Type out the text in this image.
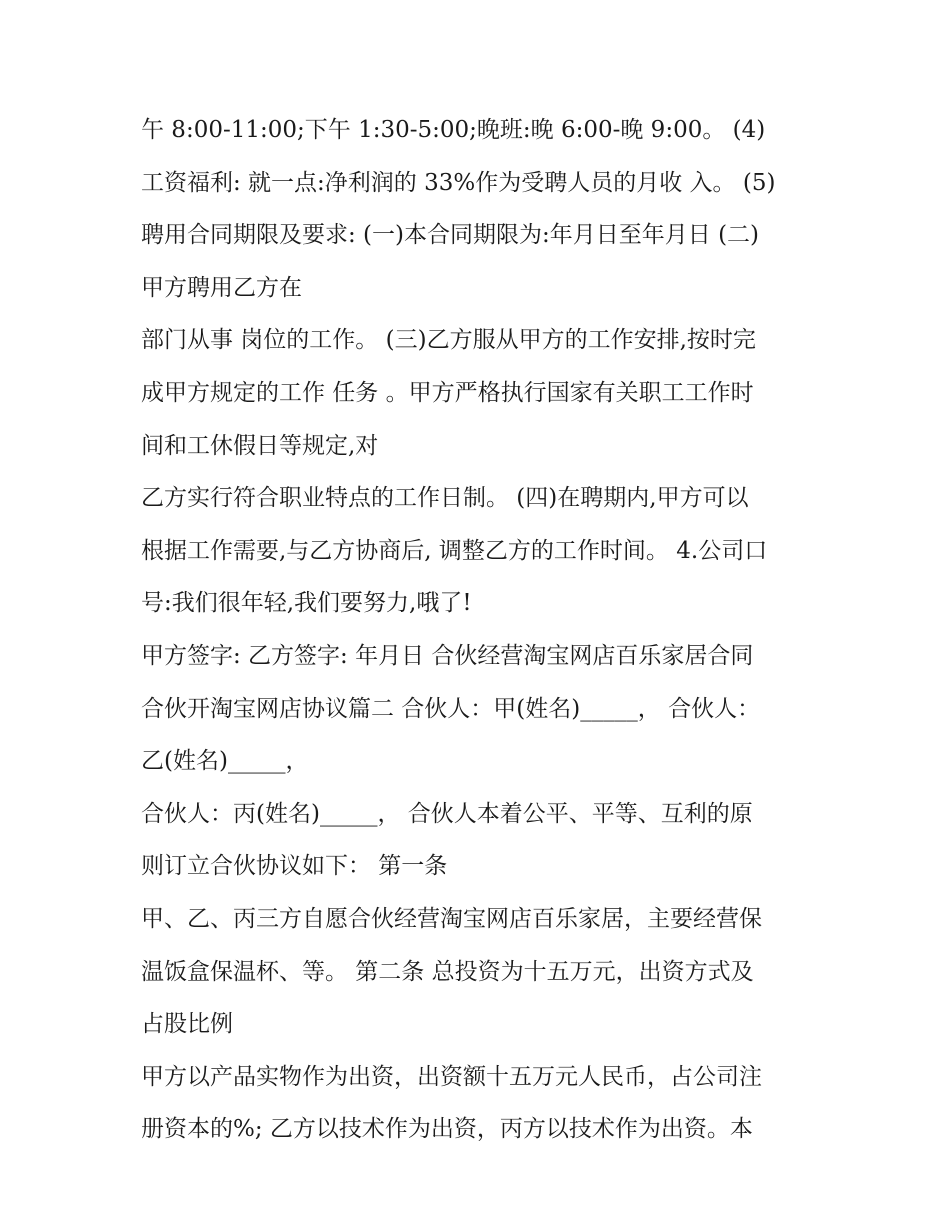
午 8:00-11:00;下午 1:30-5:00;晚班:晚 6:00-晚 9:00。 (4)
工资福利: 就一点:净利润的 33%作为受聘人员的月收 入。 (5)
聘用合同期限及要求: (一)本合同期限为:年月日至年月日 (二)
甲方聘用乙方在
部门从事 岗位的工作。 (三)乙方服从甲方的工作安排,按时完
成甲方规定的工作 任务 。甲方严格执行国家有关职工工作时
间和工休假日等规定,对
乙方实行符合职业特点的工作日制。 (四)在聘期内,甲方可以
根据工作需要,与乙方协商后, 调整乙方的工作时间。 4.公司口
号:我们很年轻,我们要努力,哦了!
甲方签字: 乙方签字: 年月日 合伙经营淘宝网店百乐家居合同
合伙开淘宝网店协议篇二 合伙人：甲(姓名)_____， 合伙人：
乙(姓名)_____，
合伙人：丙(姓名)_____， 合伙人本着公平、平等、互利的原
则订立合伙协议如下： 第一条
甲、乙、丙三方自愿合伙经营淘宝网店百乐家居，主要经营保
温饭盒保温杯、等。 第二条 总投资为十五万元，出资方式及
占股比例
甲方以产品实物作为出资，出资额十五万元人民币，占公司注
册资本的%; 乙方以技术作为出资，丙方以技术作为出资。本
